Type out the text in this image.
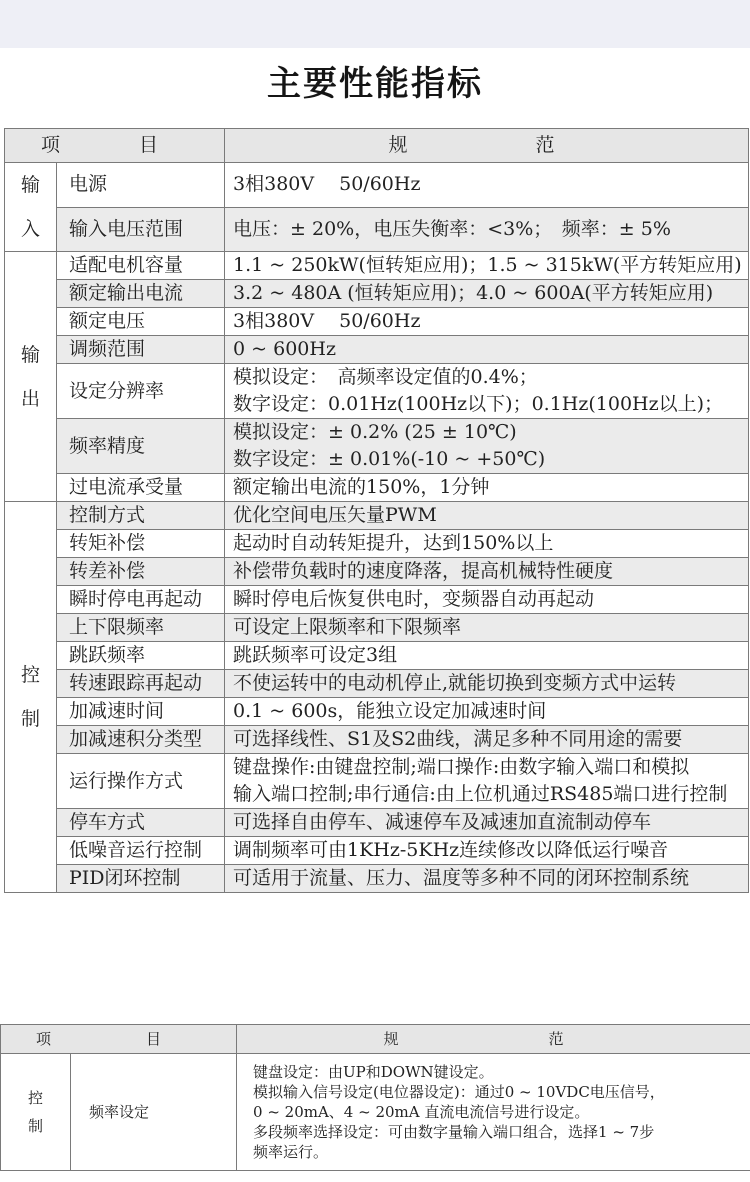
主要性能指标
项　目		规　　范

输
入	电源	3相380V　 50/60Hz

	输入电压范围	电压：± 20%，电压失衡率：<3%；　频率：± 5%

输
出	适配电机容量	1.1 ~ 250kW(恒转矩应用)；1.5 ~ 315kW(平方转矩应用)

	额定输出电流	3.2 ~ 480A (恒转矩应用)；4.0 ~ 600A(平方转矩应用)

	额定电压	3相380V　 50/60Hz

	调频范围	0 ~ 600Hz

	设定分辨率	模拟设定：　高频率设定值的0.4%；
数字设定：0.01Hz(100Hz以下)；0.1Hz(100Hz以上)；

	频率精度	模拟设定：± 0.2% (25 ± 10℃)
数字设定：± 0.01%(-10 ~ +50℃)

	过电流承受量	额定输出电流的150%，1分钟

控
制	控制方式	优化空间电压矢量PWM

	转矩补偿	起动时自动转矩提升，达到150%以上

	转差补偿	补偿带负载时的速度降落，提高机械特性硬度

	瞬时停电再起动	瞬时停电后恢复供电时，变频器自动再起动

	上下限频率	可设定上限频率和下限频率

	跳跃频率	跳跃频率可设定3组

	转速跟踪再起动	不使运转中的电动机停止,就能切换到变频方式中运转

	加减速时间	0.1 ~ 600s，能独立设定加减速时间

	加减速积分类型	可选择线性、S1及S2曲线，满足多种不同用途的需要

	运行操作方式	键盘操作:由键盘控制;端口操作:由数字输入端口和模拟
输入端口控制;串行通信:由上位机通过RS485端口进行控制

	停车方式	可选择自由停车、减速停车及减速加直流制动停车

	低噪音运行控制	调制频率可由1KHz-5KHz连续修改以降低运行噪音

	PID闭环控制	可适用于流量、压力、温度等多种不同的闭环控制系统
项　目		规　　范

控
制	频率设定	键盘设定：由UP和DOWN键设定。
模拟输入信号设定(电位器设定)：通过0 ~ 10VDC电压信号，
0 ~ 20mA、4 ~ 20mA 直流电流信号进行设定。
多段频率选择设定：可由数字量输入端口组合，选择1 ~ 7步
频率运行。
